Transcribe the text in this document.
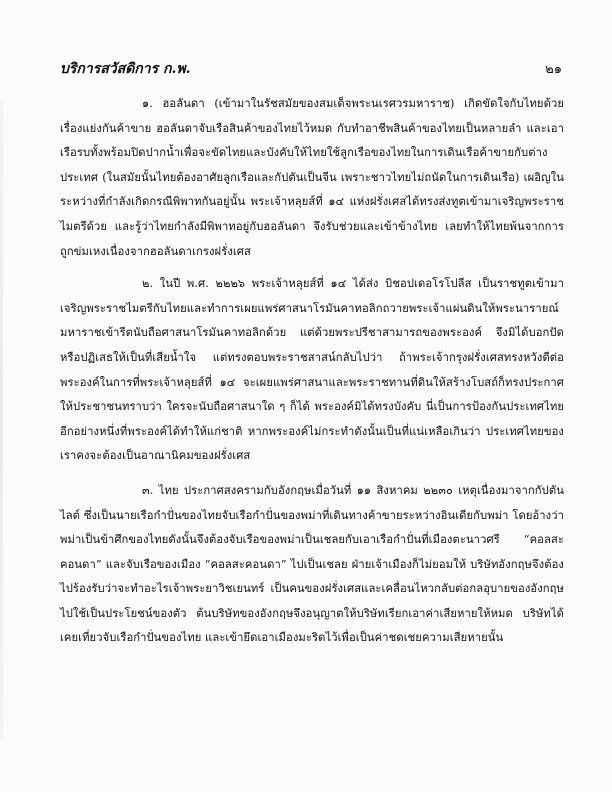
บริการสวัสดิการ ก.พ.	๒๑

๑. ฮอลันดา (เข้ามาในรัชสมัยของสมเด็จพระนเรศวรมหาราช) เกิดขัดใจกับไทยด้วยเรื่องแย่งกันค้าขาย ฮอลันดาจับเรือสินค้าของไทยไว้หมด กับทำอาชีพสินค้าของไทยเป็นหลายลำ และเอาเรือรบทั้งพร้อมปิดปากน้ำเพื่อจะขัดไทยและบังคับให้ไทยใช้ลูกเรือของไทยในการเดินเรือค้าขายกับต่างประเทศ (ในสมัยนั้นไทยต้องอาศัยลูกเรือและกัปตันเป็นจีน เพราะชาวไทยไม่ถนัดในการเดินเรือ) เผอิญในระหว่างที่กำลังเกิดกรณีพิพาทกันอยู่นั้น พระเจ้าหลุยส์ที่ ๑๔ แห่งฝรั่งเศสได้ทรงส่งทูตเข้ามาเจริญพระราชไมตรีด้วย และรู้ว่าไทยกำลังมีพิพาทอยู่กับฮอลันดา จึงรับช่วยและเข้าข้างไทย เลยทำให้ไทยพ้นจากการถูกข่มเหงเนื่องจากฮอลันดาเกรงฝรั่งเศส

๒. ในปี พ.ศ. ๒๒๒๖ พระเจ้าหลุยส์ที่ ๑๔ ได้ส่ง บิชอปเดอโรโปลีส เป็นราชทูตเข้ามาเจริญพระราชไมตรีกับไทยและทำการเผยแพร่ศาสนาโรมันคาทอลิกถวายพระเจ้าแผ่นดินให้พระนารายณ์มหาราชเข้ารีตนับถือศาสนาโรมันคาทอลิกด้วย แต่ด้วยพระปรีชาสามารถของพระองค์ จึงมิได้บอกปัดหรือปฏิเสธให้เป็นที่เสียน้ำใจ แต่ทรงตอบพระราชสาสน์กลับไปว่า ถ้าพระเจ้ากรุงฝรั่งเศสทรงหวังดีต่อพระองค์ในการที่พระเจ้าหลุยส์ที่ ๑๔ จะเผยแพร่ศาสนาและพระราชทานที่ดินให้สร้างโบสถ์ก็ทรงประกาศให้ประชาชนทราบว่า ใครจะนับถือศาสนาใด ๆ ก็ได้ พระองค์มิได้ทรงบังคับ นี่เป็นการป้องกันประเทศไทยอีกอย่างหนึ่งที่พระองค์ได้ทำให้แก่ชาติ หากพระองค์ไม่กระทำดังนั้นเป็นที่แน่เหลือเกินว่า ประเทศไทยของเราคงจะต้องเป็นอาณานิคมของฝรั่งเศส

๓. ไทย ประกาศสงครามกับอังกฤษเมื่อวันที่ ๑๑ สิงหาคม ๒๒๓๐ เหตุเนื่องมาจากกัปตันไลต์ ซึ่งเป็นนายเรือกำปั่นของไทยจับเรือกำปั่นของพม่าที่เดินทางค้าขายระหว่างอินเดียกับพม่า โดยอ้างว่าพม่าเป็นข้าศึกของไทยดังนั้นจึงต้องจับเรือของพม่าเป็นเชลยกับเอาเรือกำปั่นที่เมืองตะนาวศรี “คอลสะคอนดา” และจับเรือของเมือง “คอลสะคอนดา” ไปเป็นเชลย ฝ่ายเจ้าเมืองก็ไม่ยอมให้ บริษัทอังกฤษจึงต้องไปร้องรับว่าจะทำอะไรเจ้าพระยาวิชเยนทร์ เป็นคนของฝรั่งเศสและเคลื่อนไหวกลับต่อกลอุบายของอังกฤษไปใช้เป็นประโยชน์ของตัว ต้นบริษัทของอังกฤษจึงอนุญาตให้บริษัทเรียกเอาค่าเสียหายให้หมด บริษัทได้เคยเที่ยวจับเรือกำปั่นของไทย และเข้ายึดเอาเมืองมะริดไว้เพื่อเป็นค่าชดเชยความเสียหายนั้น
